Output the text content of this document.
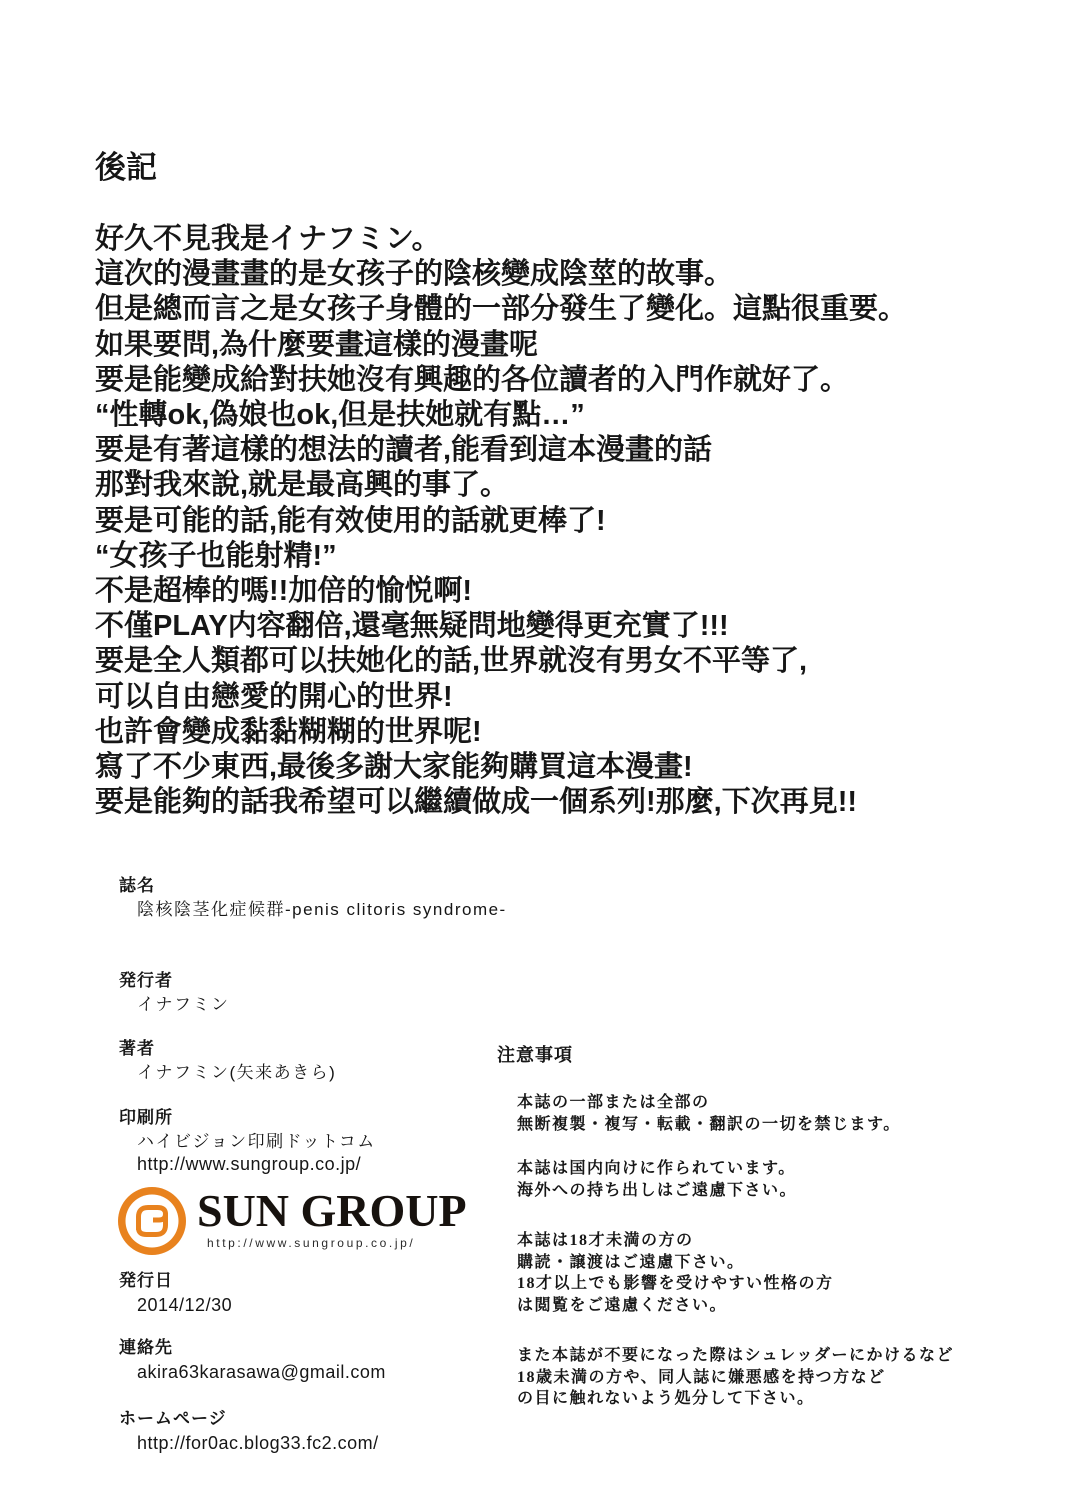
後記
好久不見我是イナフミン。
這次的漫畫畫的是女孩子的陰核變成陰莖的故事。
但是總而言之是女孩子身體的一部分發生了變化。這點很重要。
如果要問,為什麼要畫這樣的漫畫呢
要是能變成給對扶她沒有興趣的各位讀者的入門作就好了。
“性轉ok,偽娘也ok,但是扶她就有點…”
要是有著這樣的想法的讀者,能看到這本漫畫的話
那對我來說,就是最高興的事了。
要是可能的話,能有效使用的話就更棒了!
“女孩子也能射精!”
不是超棒的嗎!!加倍的愉悦啊!
不僅PLAY内容翻倍,還毫無疑問地變得更充實了!!!
要是全人類都可以扶她化的話,世界就沒有男女不平等了,
可以自由戀愛的開心的世界!
也許會變成黏黏糊糊的世界呢!
寫了不少東西,最後多謝大家能夠購買這本漫畫!
要是能夠的話我希望可以繼續做成一個系列!那麼,下次再見!!
誌名
陰核陰茎化症候群-penis clitoris syndrome-
発行者
イナフミン
著者
イナフミン(矢来あきら)
印刷所
ハイビジョン印刷ドットコム
http://www.sungroup.co.jp/
SUN GROUP
http://www.sungroup.co.jp/
発行日
2014/12/30
連絡先
akira63karasawa@gmail.com
ホームページ
http://for0ac.blog33.fc2.com/
注意事項
本誌の一部または全部の
無断複製・複写・転載・翻訳の一切を禁じます。
本誌は国内向けに作られています。
海外への持ち出しはご遠慮下さい。
本誌は18才未満の方の
購読・譲渡はご遠慮下さい。
18才以上でも影響を受けやすい性格の方
は閲覧をご遠慮ください。
また本誌が不要になった際はシュレッダーにかけるなど
18歳未満の方や、同人誌に嫌悪感を持つ方など
の目に触れないよう処分して下さい。
